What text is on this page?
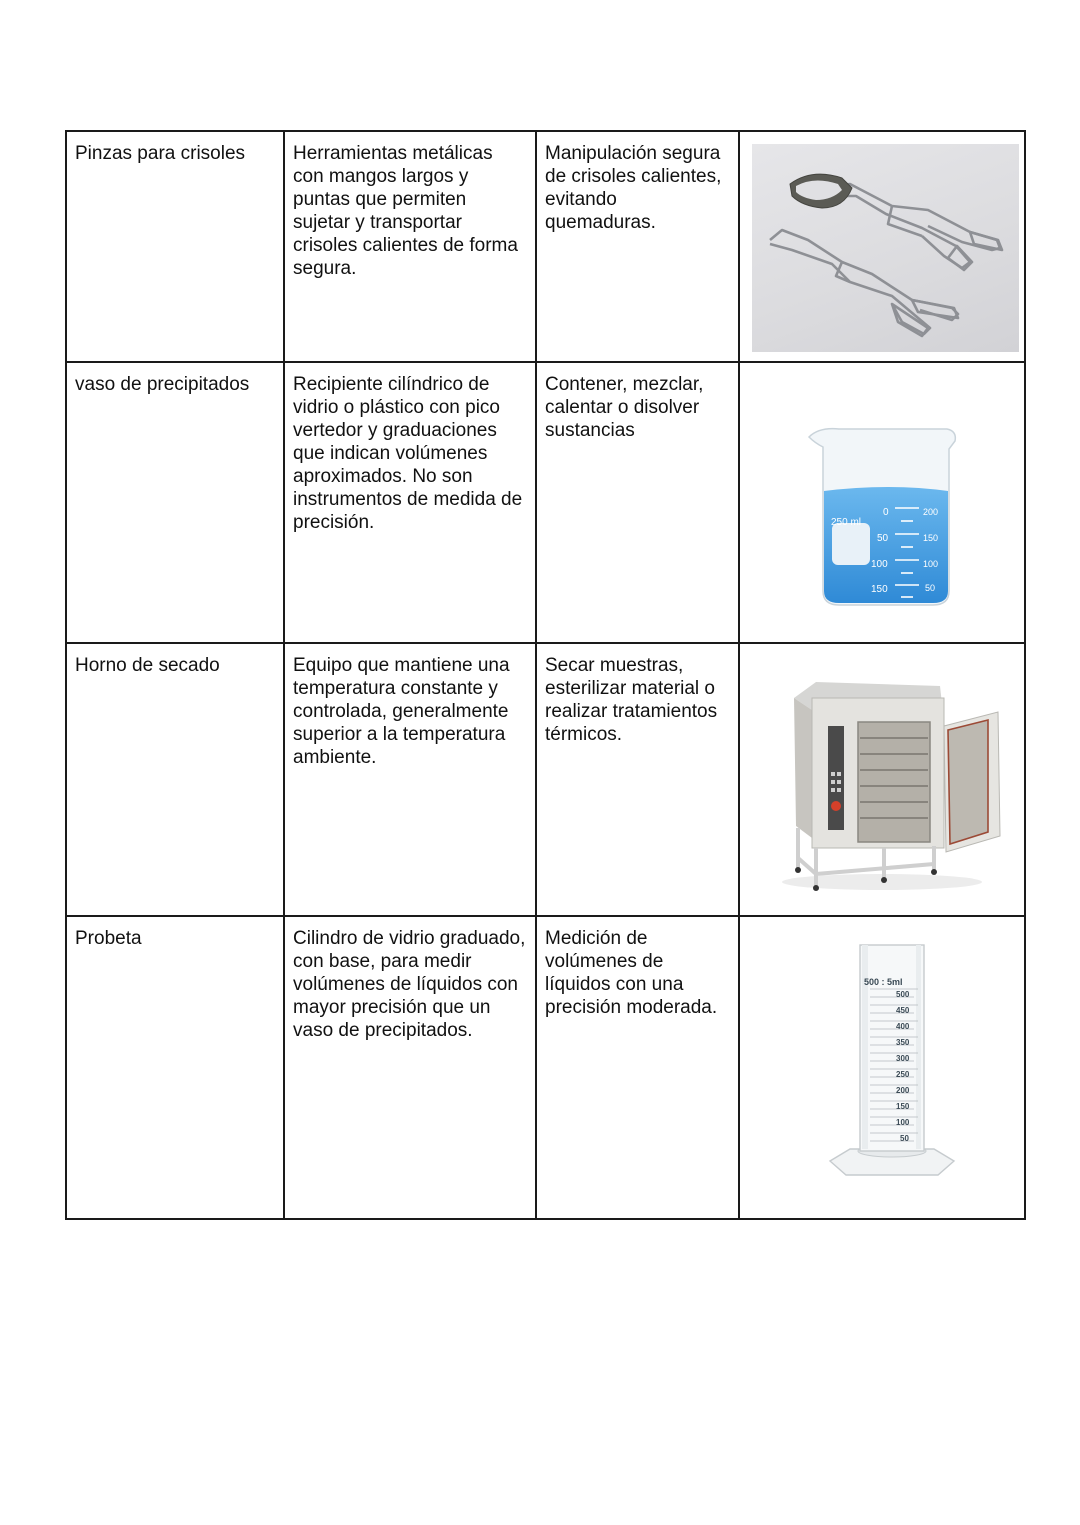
Pinzas para crisoles	Herramientas metálicas con mangos largos y puntas que permiten sujetar y transportar crisoles calientes de forma segura.	Manipulación segura de crisoles calientes, evitando quemaduras.	

vaso de precipitados	Recipiente cilíndrico de vidrio o plástico con pico vertedor y graduaciones que indican volúmenes aproximados. No son instrumentos de medida de precisión.	Contener, mezclar, calentar o disolver sustancias	
250 ml
0
50
100
150
200
150
100
50

Horno de secado	Equipo que mantiene una temperatura constante y controlada, generalmente superior a la temperatura ambiente.	Secar muestras, esterilizar material o realizar tratamientos térmicos.	

Probeta	Cilindro de vidrio graduado, con base, para medir volúmenes de líquidos con mayor precisión que un vaso de precipitados.	Medición de volúmenes de líquidos con una precisión moderada.	
500 : 5ml
500
450
400
350
300
250
200
150
100
50
